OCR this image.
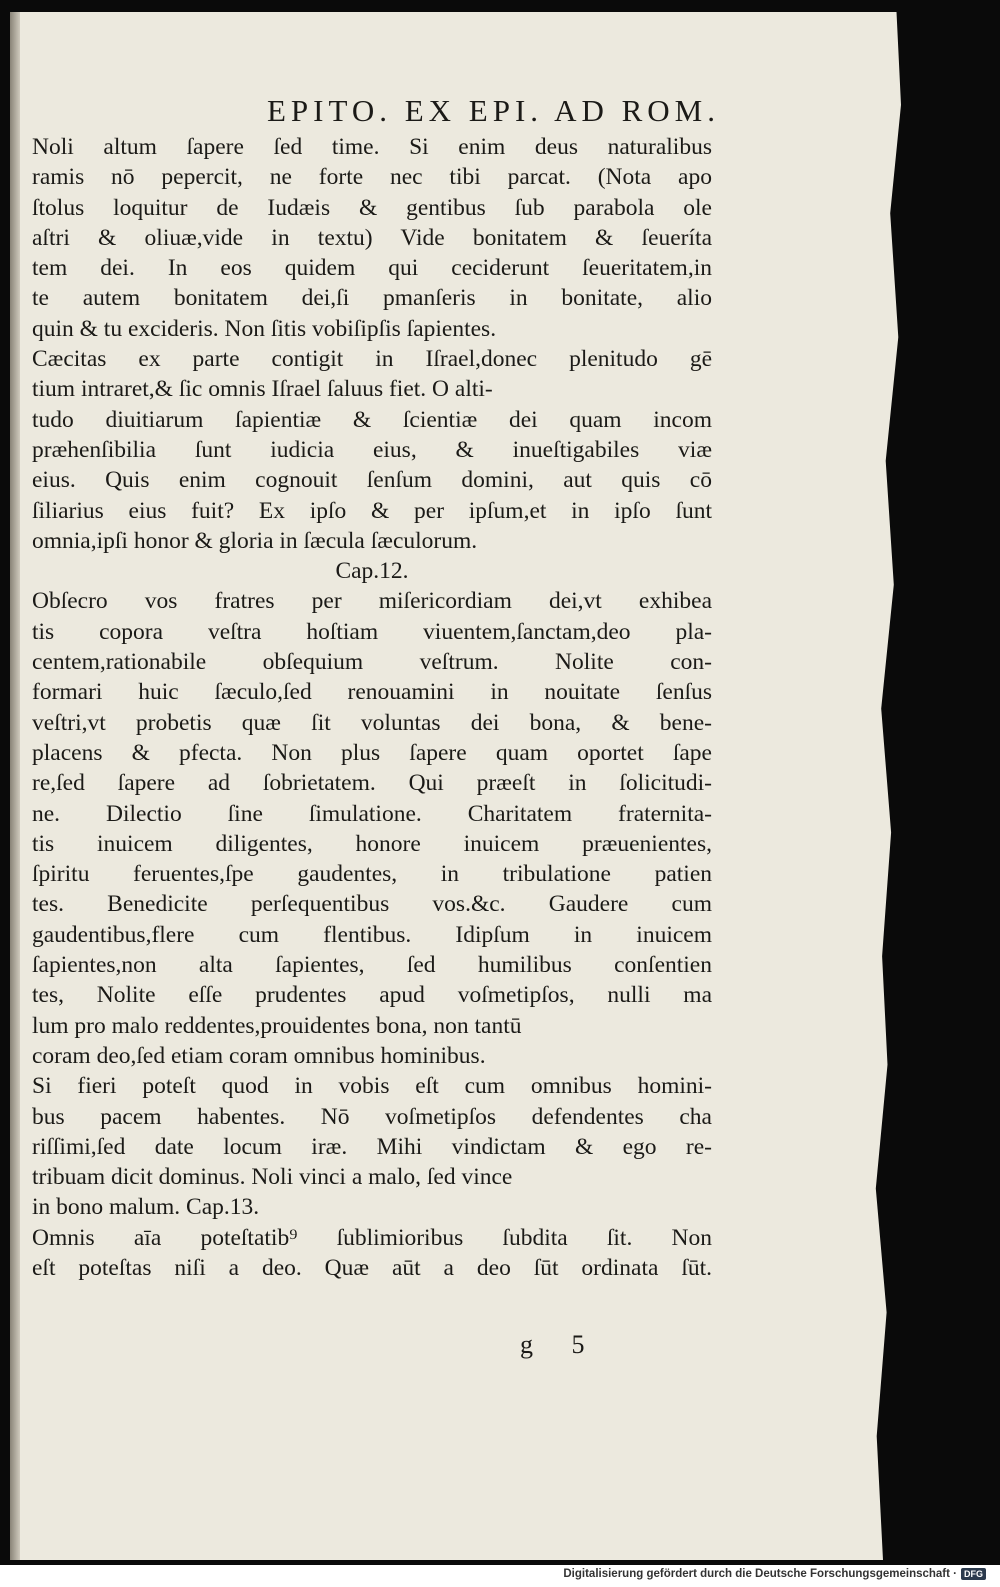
EPITO. EX EPI. AD ROM.
Noli altum ſapere ſed time. Si enim deus naturalibus
ramis nō pepercit, ne forte nec tibi parcat. (Nota apo
ſtolus loquitur de Iudæis & gentibus ſub parabola ole
aſtri & oliuæ,vide in textu) Vide bonitatem & ſeueríta
tem dei. In eos quidem qui ceciderunt ſeueritatem,in
te autem bonitatem dei,ſi pmanſeris in bonitate, alio
quin & tu excideris. Non ſitis vobiſipſis ſapientes.
Cæcitas ex parte contigit in Iſrael,donec plenitudo gē
tium intraret,& ſic omnis Iſrael ſaluus fiet. O alti-
tudo diuitiarum ſapientiæ & ſcientiæ dei quam incom
præhenſibilia ſunt iudicia eius, & inueſtigabiles viæ
eius. Quis enim cognouit ſenſum domini, aut quis cō
ſiliarius eius fuit? Ex ipſo & per ipſum,et in ipſo ſunt
omnia,ipſi honor & gloria in ſæcula ſæculorum.
Cap.12.
Obſecro vos fratres per miſericordiam dei,vt exhibea
tis copora veſtra hoſtiam viuentem,ſanctam,deo pla-
centem,rationabile obſequium veſtrum. Nolite con-
formari huic ſæculo,ſed renouamini in nouitate ſenſus
veſtri,vt probetis quæ ſit voluntas dei bona, & bene-
placens & pfecta. Non plus ſapere quam oportet ſape
re,ſed ſapere ad ſobrietatem. Qui præeſt in ſolicitudi-
ne. Dilectio ſine ſimulatione. Charitatem fraternita-
tis inuicem diligentes, honore inuicem præuenientes,
ſpiritu feruentes,ſpe gaudentes, in tribulatione patien
tes. Benedicite perſequentibus vos.&c. Gaudere cum
gaudentibus,flere cum flentibus. Idipſum in inuicem
ſapientes,non alta ſapientes, ſed humilibus conſentien
tes, Nolite eſſe prudentes apud voſmetipſos, nulli ma
lum pro malo reddentes,prouidentes bona, non tantū
coram deo,ſed etiam coram omnibus hominibus.
Si fieri poteſt quod in vobis eſt cum omnibus homini-
bus pacem habentes. Nō voſmetipſos defendentes cha
riſſimi,ſed date locum iræ. Mihi vindictam & ego re-
tribuam dicit dominus. Noli vinci a malo, ſed vince
in bono malum. Cap.13.
Omnis aīa poteſtatib⁹ ſublimioribus ſubdita ſit. Non
eſt poteſtas niſi a deo. Quæ aūt a deo ſūt ordinata ſūt.
g 5
Digitalisierung gefördert durch die Deutsche Forschungsgemeinschaft · DFG
